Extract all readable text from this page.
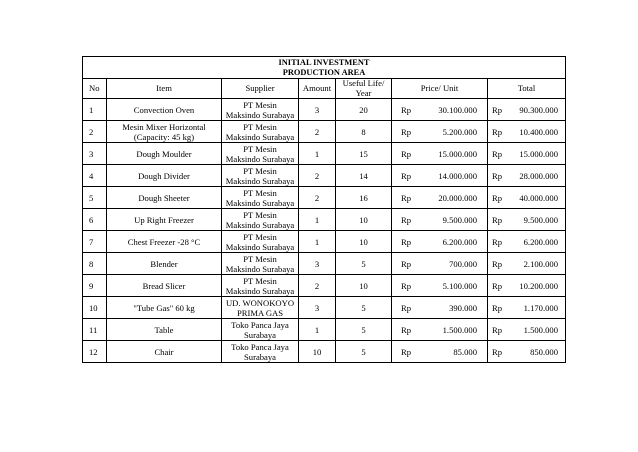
INITIAL INVESTMENT
PRODUCTION AREA								

No	Item	Supplier	Amount	Useful Life/
Year	Price/ Unit		Total	
1	Convection Oven	PT Mesin
Maksindo Surabaya	3	20	Rp	30.100.000	Rp	90.300.000
2	Mesin Mixer Horizontal
(Capacity: 45 kg)	PT Mesin
Maksindo Surabaya	2	8	Rp	5.200.000	Rp	10.400.000
3	Dough Moulder	PT Mesin
Maksindo Surabaya	1	15	Rp	15.000.000	Rp	15.000.000
4	Dough Divider	PT Mesin
Maksindo Surabaya	2	14	Rp	14.000.000	Rp	28.000.000
5	Dough Sheeter	PT Mesin
Maksindo Surabaya	2	16	Rp	20.000.000	Rp	40.000.000
6	Up Right Freezer	PT Mesin
Maksindo Surabaya	1	10	Rp	9.500.000	Rp	9.500.000
7	Chest Freezer -28 °C	PT Mesin
Maksindo Surabaya	1	10	Rp	6.200.000	Rp	6.200.000
8	Blender	PT Mesin
Maksindo Surabaya	3	5	Rp	700.000	Rp	2.100.000
9	Bread Slicer	PT Mesin
Maksindo Surabaya	2	10	Rp	5.100.000	Rp	10.200.000
10	"Tube Gas" 60 kg	UD. WONOKOYO
PRIMA GAS	3	5	Rp	390.000	Rp	1.170.000
11	Table	Toko Panca Jaya
Surabaya	1	5	Rp	1.500.000	Rp	1.500.000
12	Chair	Toko Panca Jaya
Surabaya	10	5	Rp	85.000	Rp	850.000
